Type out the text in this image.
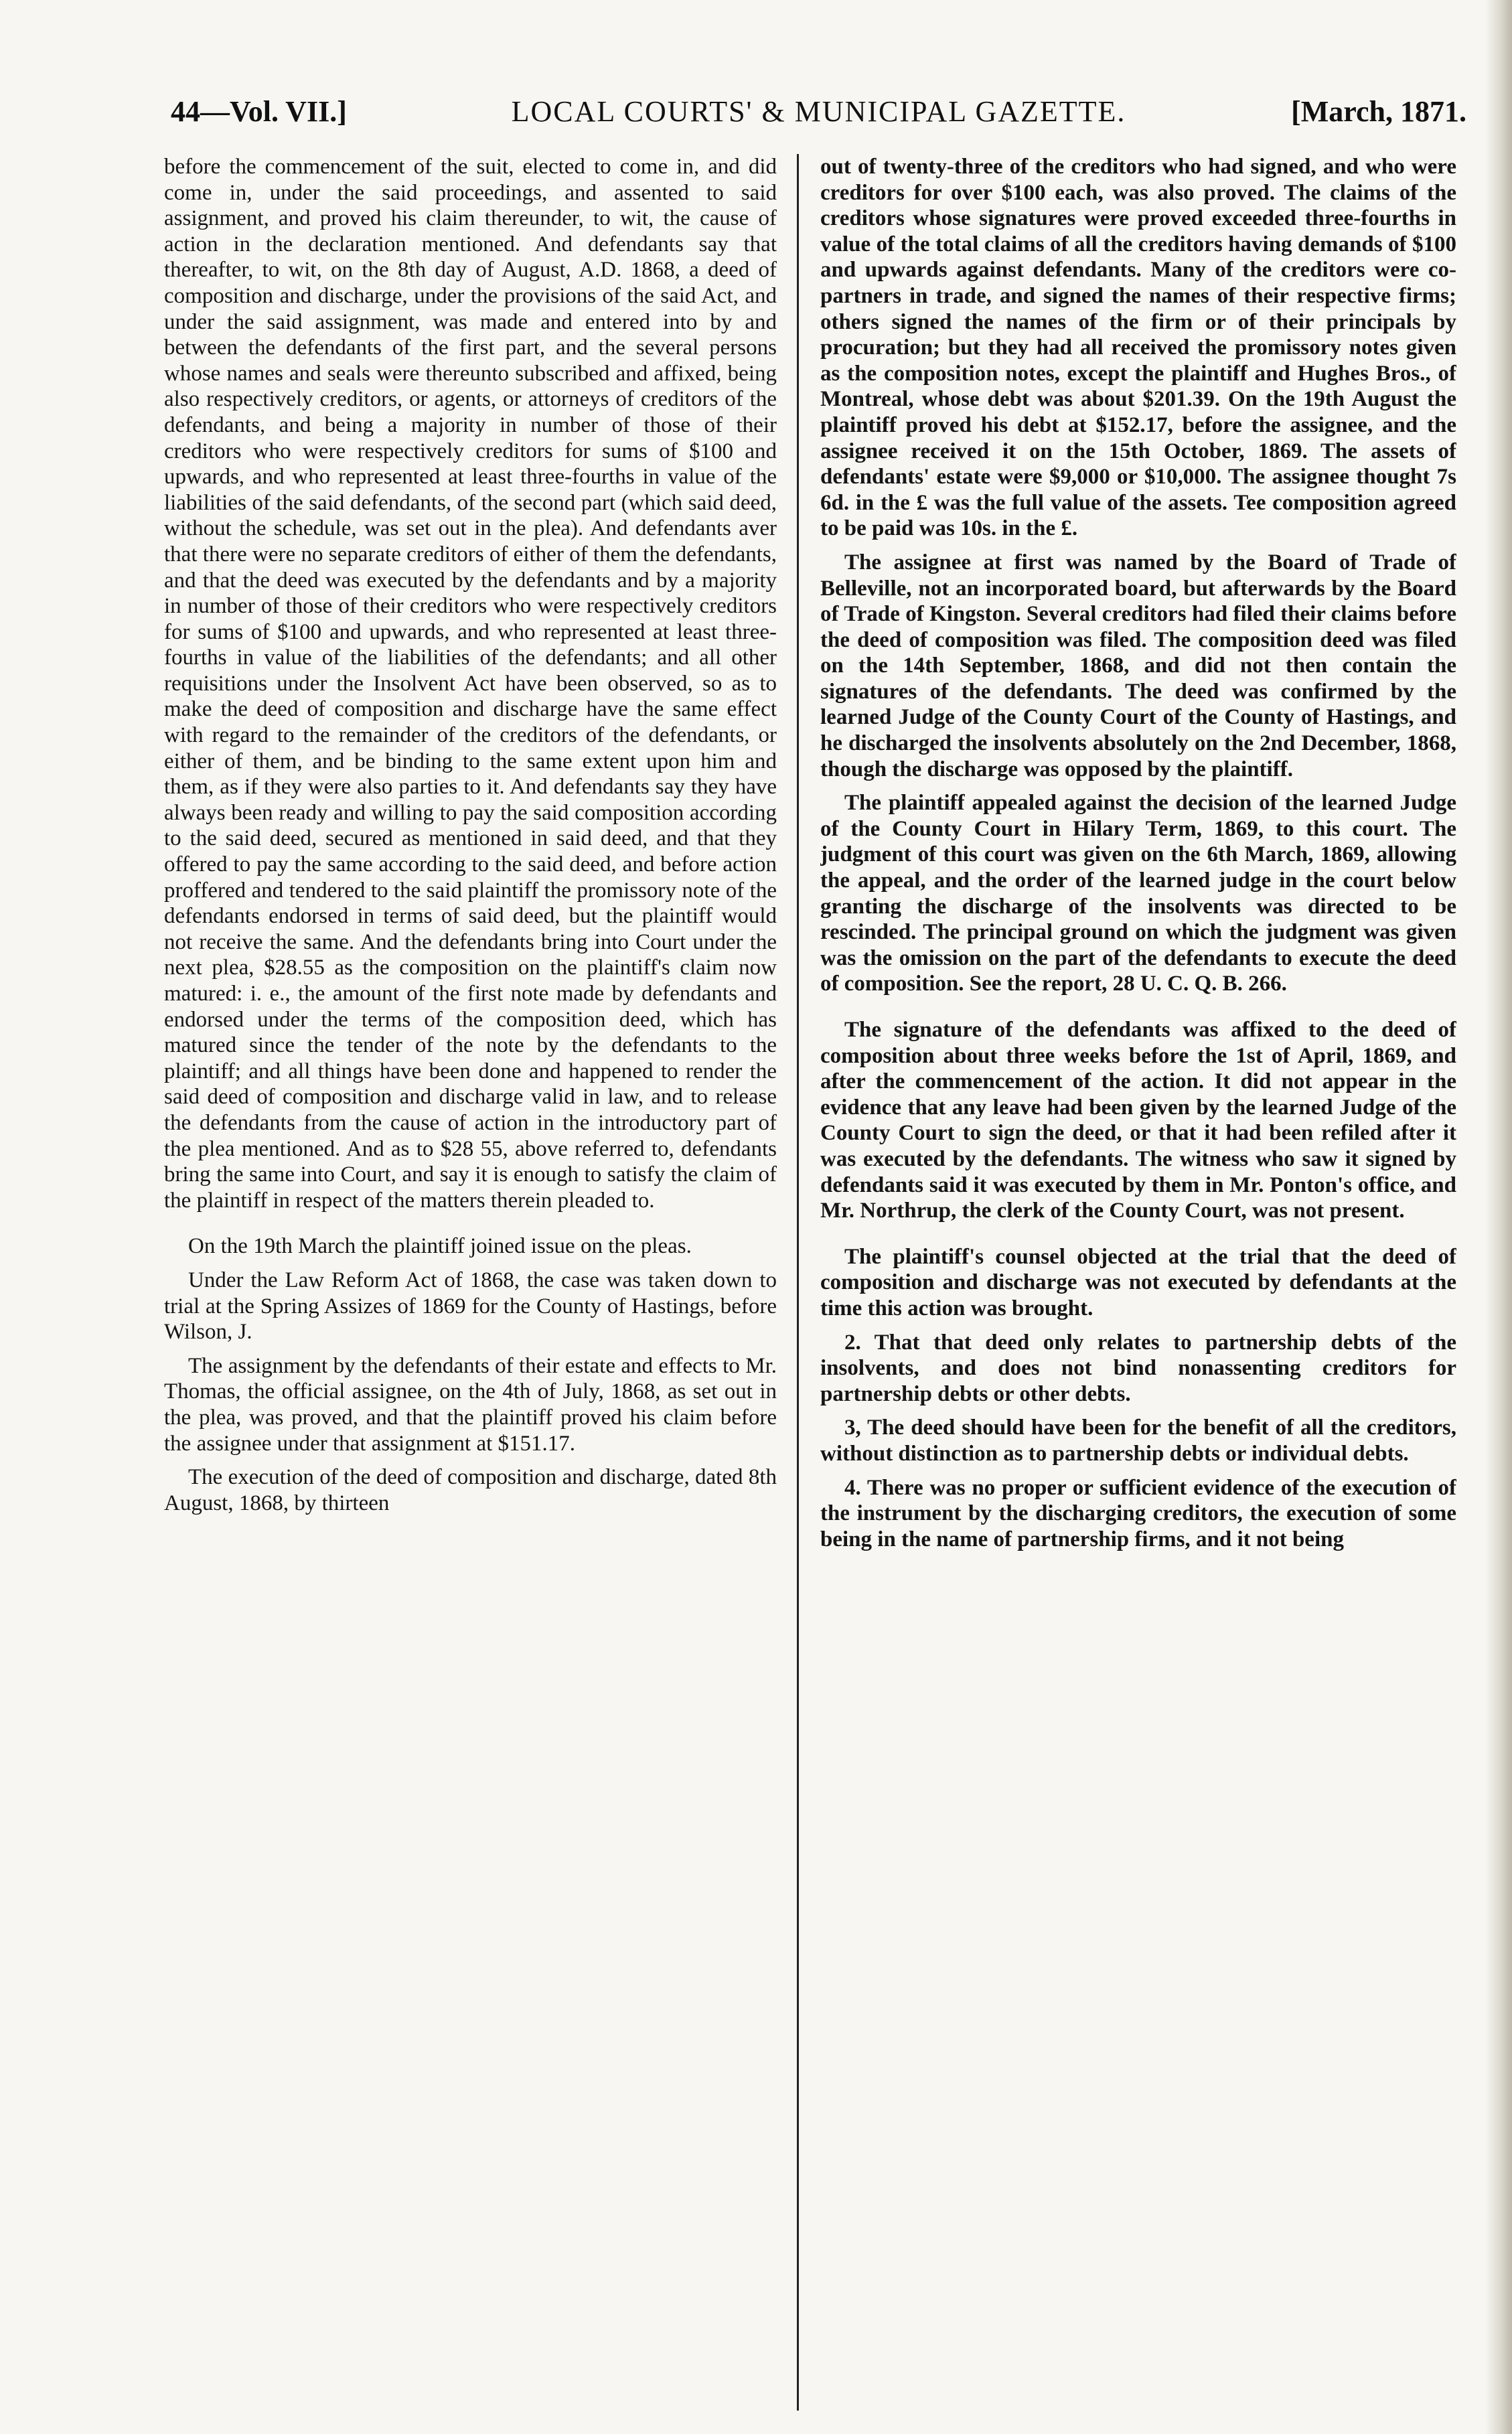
44—Vol. VII.]	LOCAL COURTS' & MUNICIPAL GAZETTE.	[March, 1871.

before the commencement of the suit, elected to come in, and did come in, under the said proceedings, and assented to said assignment, and proved his claim thereunder, to wit, the cause of action in the declaration mentioned. And defendants say that thereafter, to wit, on the 8th day of August, A.D. 1868, a deed of composition and discharge, under the provisions of the said Act, and under the said assignment, was made and entered into by and between the defendants of the first part, and the several persons whose names and seals were thereunto subscribed and affixed, being also respectively creditors, or agents, or attorneys of creditors of the defendants, and being a majority in number of those of their creditors who were respectively creditors for sums of $100 and upwards, and who represented at least three-fourths in value of the liabilities of the said defendants, of the second part (which said deed, without the schedule, was set out in the plea). And defendants aver that there were no separate creditors of either of them the defendants, and that the deed was executed by the defendants and by a majority in number of those of their creditors who were respectively creditors for sums of $100 and upwards, and who represented at least three-fourths in value of the liabilities of the defendants; and all other requisitions under the Insolvent Act have been observed, so as to make the deed of composition and discharge have the same effect with regard to the remainder of the creditors of the defendants, or either of them, and be binding to the same extent upon him and them, as if they were also parties to it. And defendants say they have always been ready and willing to pay the said composition according to the said deed, secured as mentioned in said deed, and that they offered to pay the same according to the said deed, and before action proffered and tendered to the said plaintiff the promissory note of the defendants endorsed in terms of said deed, but the plaintiff would not receive the same. And the defendants bring into Court under the next plea, $28.55 as the composition on the plaintiff's claim now matured: i. e., the amount of the first note made by defendants and endorsed under the terms of the composition deed, which has matured since the tender of the note by the defendants to the plaintiff; and all things have been done and happened to render the said deed of composition and discharge valid in law, and to release the defendants from the cause of action in the introductory part of the plea mentioned. And as to $28 55, above referred to, defendants bring the same into Court, and say it is enough to satisfy the claim of the plaintiff in respect of the matters therein pleaded to.

On the 19th March the plaintiff joined issue on the pleas.

Under the Law Reform Act of 1868, the case was taken down to trial at the Spring Assizes of 1869 for the County of Hastings, before Wilson, J.

The assignment by the defendants of their estate and effects to Mr. Thomas, the official assignee, on the 4th of July, 1868, as set out in the plea, was proved, and that the plaintiff proved his claim before the assignee under that assignment at $151.17.

The execution of the deed of composition and discharge, dated 8th August, 1868, by thirteen

out of twenty-three of the creditors who had signed, and who were creditors for over $100 each, was also proved. The claims of the creditors whose signatures were proved exceeded three-fourths in value of the total claims of all the creditors having demands of $100 and upwards against defendants. Many of the creditors were co-partners in trade, and signed the names of their respective firms; others signed the names of the firm or of their principals by procuration; but they had all received the promissory notes given as the composition notes, except the plaintiff and Hughes Bros., of Montreal, whose debt was about $201.39. On the 19th August the plaintiff proved his debt at $152.17, before the assignee, and the assignee received it on the 15th October, 1869. The assets of defendants' estate were $9,000 or $10,000. The assignee thought 7s 6d. in the £ was the full value of the assets. Tee composition agreed to be paid was 10s. in the £.

The assignee at first was named by the Board of Trade of Belleville, not an incorporated board, but afterwards by the Board of Trade of Kingston. Several creditors had filed their claims before the deed of composition was filed. The composition deed was filed on the 14th September, 1868, and did not then contain the signatures of the defendants. The deed was confirmed by the learned Judge of the County Court of the County of Hastings, and he discharged the insolvents absolutely on the 2nd December, 1868, though the discharge was opposed by the plaintiff.

The plaintiff appealed against the decision of the learned Judge of the County Court in Hilary Term, 1869, to this court. The judgment of this court was given on the 6th March, 1869, allowing the appeal, and the order of the learned judge in the court below granting the discharge of the insolvents was directed to be rescinded. The principal ground on which the judgment was given was the omission on the part of the defendants to execute the deed of composition. See the report, 28 U. C. Q. B. 266.

The signature of the defendants was affixed to the deed of composition about three weeks before the 1st of April, 1869, and after the commencement of the action. It did not appear in the evidence that any leave had been given by the learned Judge of the County Court to sign the deed, or that it had been refiled after it was executed by the defendants. The witness who saw it signed by defendants said it was executed by them in Mr. Ponton's office, and Mr. Northrup, the clerk of the County Court, was not present.

The plaintiff's counsel objected at the trial that the deed of composition and discharge was not executed by defendants at the time this action was brought.

2. That that deed only relates to partnership debts of the insolvents, and does not bind nonassenting creditors for partnership debts or other debts.

3, The deed should have been for the benefit of all the creditors, without distinction as to partnership debts or individual debts.

4. There was no proper or sufficient evidence of the execution of the instrument by the discharging creditors, the execution of some being in the name of partnership firms, and it not being
